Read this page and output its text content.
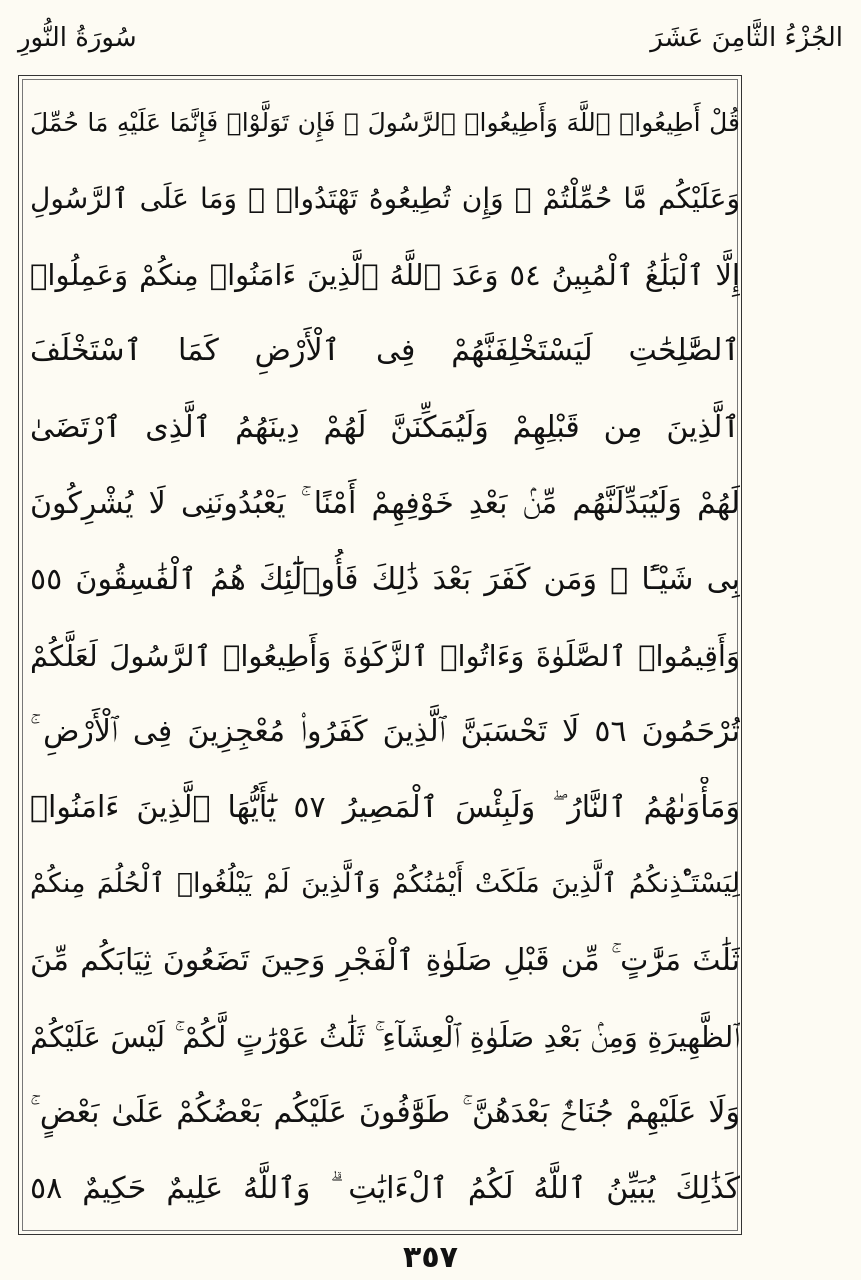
الجُزْءُ الثَّامِنَ عَشَرَ
سُورَةُ النُّورِ
قُلْ أَطِيعُوا۟ ٱللَّهَ وَأَطِيعُوا۟ ٱلرَّسُولَ ۖ فَإِن تَوَلَّوْا۟ فَإِنَّمَا عَلَيْهِ مَا حُمِّلَ
وَعَلَيْكُم مَّا حُمِّلْتُمْ ۖ وَإِن تُطِيعُوهُ تَهْتَدُوا۟ ۚ وَمَا عَلَى ٱلرَّسُولِ
إِلَّا ٱلْبَلَٰغُ ٱلْمُبِينُ ٥٤ وَعَدَ ٱللَّهُ ٱلَّذِينَ ءَامَنُوا۟ مِنكُمْ وَعَمِلُوا۟
ٱلصَّٰلِحَٰتِ لَيَسْتَخْلِفَنَّهُمْ فِى ٱلْأَرْضِ كَمَا ٱسْتَخْلَفَ
ٱلَّذِينَ مِن قَبْلِهِمْ وَلَيُمَكِّنَنَّ لَهُمْ دِينَهُمُ ٱلَّذِى ٱرْتَضَىٰ
لَهُمْ وَلَيُبَدِّلَنَّهُم مِّنۢ بَعْدِ خَوْفِهِمْ أَمْنًا ۚ يَعْبُدُونَنِى لَا يُشْرِكُونَ
بِى شَيْـًٔا ۚ وَمَن كَفَرَ بَعْدَ ذَٰلِكَ فَأُو۟لَٰٓئِكَ هُمُ ٱلْفَٰسِقُونَ ٥٥
وَأَقِيمُوا۟ ٱلصَّلَوٰةَ وَءَاتُوا۟ ٱلزَّكَوٰةَ وَأَطِيعُوا۟ ٱلرَّسُولَ لَعَلَّكُمْ
تُرْحَمُونَ ٥٦ لَا تَحْسَبَنَّ ٱلَّذِينَ كَفَرُوا۟ مُعْجِزِينَ فِى ٱلْأَرْضِ ۚ
وَمَأْوَىٰهُمُ ٱلنَّارُ ۖ وَلَبِئْسَ ٱلْمَصِيرُ ٥٧ يَٰٓأَيُّهَا ٱلَّذِينَ ءَامَنُوا۟
لِيَسْتَـْٔذِنكُمُ ٱلَّذِينَ مَلَكَتْ أَيْمَٰنُكُمْ وَٱلَّذِينَ لَمْ يَبْلُغُوا۟ ٱلْحُلُمَ مِنكُمْ
ثَلَٰثَ مَرَّٰتٍ ۚ مِّن قَبْلِ صَلَوٰةِ ٱلْفَجْرِ وَحِينَ تَضَعُونَ ثِيَابَكُم مِّنَ
ٱلظَّهِيرَةِ وَمِنۢ بَعْدِ صَلَوٰةِ ٱلْعِشَآءِ ۚ ثَلَٰثُ عَوْرَٰتٍ لَّكُمْ ۚ لَيْسَ عَلَيْكُمْ
وَلَا عَلَيْهِمْ جُنَاحٌۢ بَعْدَهُنَّ ۚ طَوَّٰفُونَ عَلَيْكُم بَعْضُكُمْ عَلَىٰ بَعْضٍ ۚ
كَذَٰلِكَ يُبَيِّنُ ٱللَّهُ لَكُمُ ٱلْءَايَٰتِ ۗ وَٱللَّهُ عَلِيمٌ حَكِيمٌ ٥٨
٣٥٧
